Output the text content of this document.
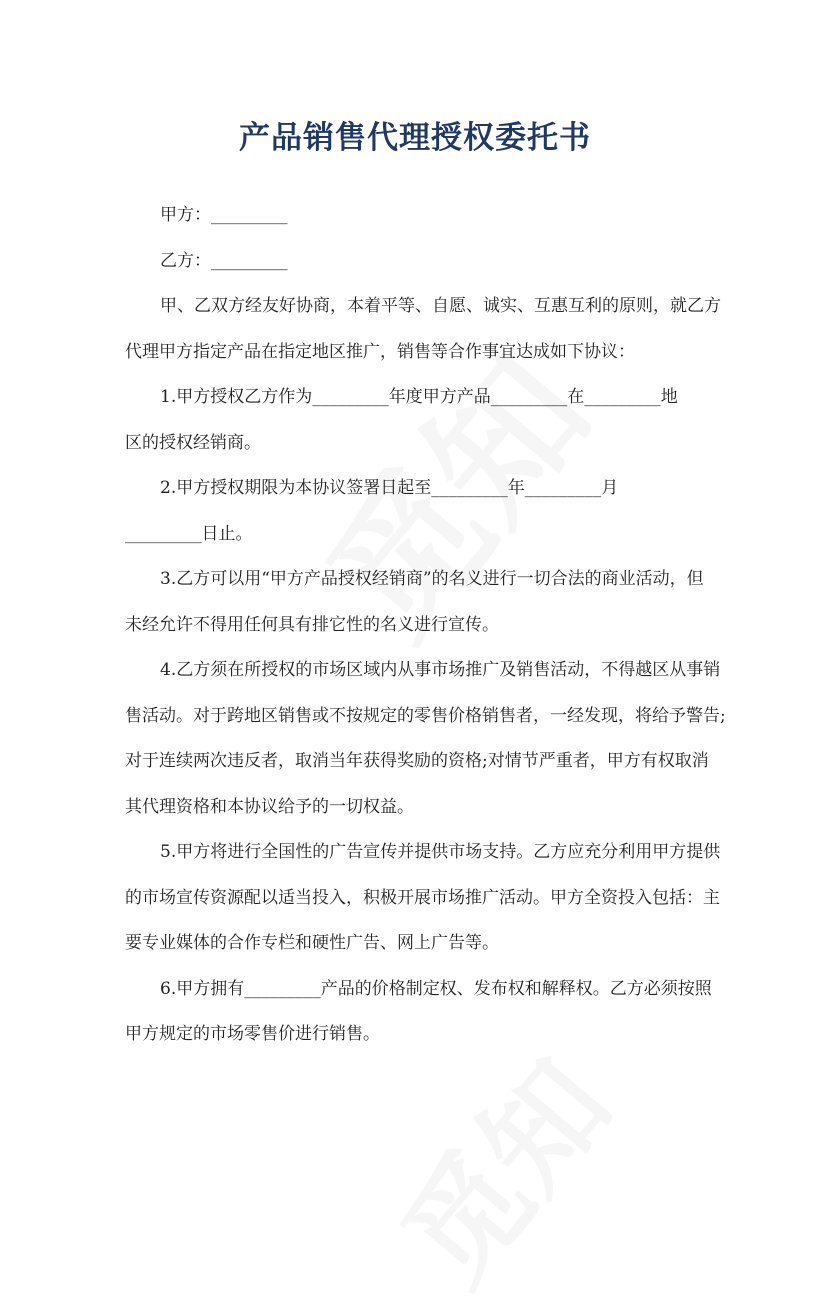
产品销售代理授权委托书
甲方：_________
乙方：_________
甲、乙双方经友好协商，本着平等、自愿、诚实、互惠互利的原则，就乙方
代理甲方指定产品在指定地区推广，销售等合作事宜达成如下协议：
1.甲方授权乙方作为_________年度甲方产品_________在_________地
区的授权经销商。
2.甲方授权期限为本协议签署日起至_________年_________月
_________日止。
3.乙方可以用“甲方产品授权经销商”的名义进行一切合法的商业活动，但
未经允许不得用任何具有排它性的名义进行宣传。
4.乙方须在所授权的市场区域内从事市场推广及销售活动，不得越区从事销
售活动。对于跨地区销售或不按规定的零售价格销售者，一经发现，将给予警告;
对于连续两次违反者，取消当年获得奖励的资格;对情节严重者，甲方有权取消
其代理资格和本协议给予的一切权益。
5.甲方将进行全国性的广告宣传并提供市场支持。乙方应充分利用甲方提供
的市场宣传资源配以适当投入，积极开展市场推广活动。甲方全资投入包括：主
要专业媒体的合作专栏和硬性广告、网上广告等。
6.甲方拥有_________产品的价格制定权、发布权和解释权。乙方必须按照
甲方规定的市场零售价进行销售。
